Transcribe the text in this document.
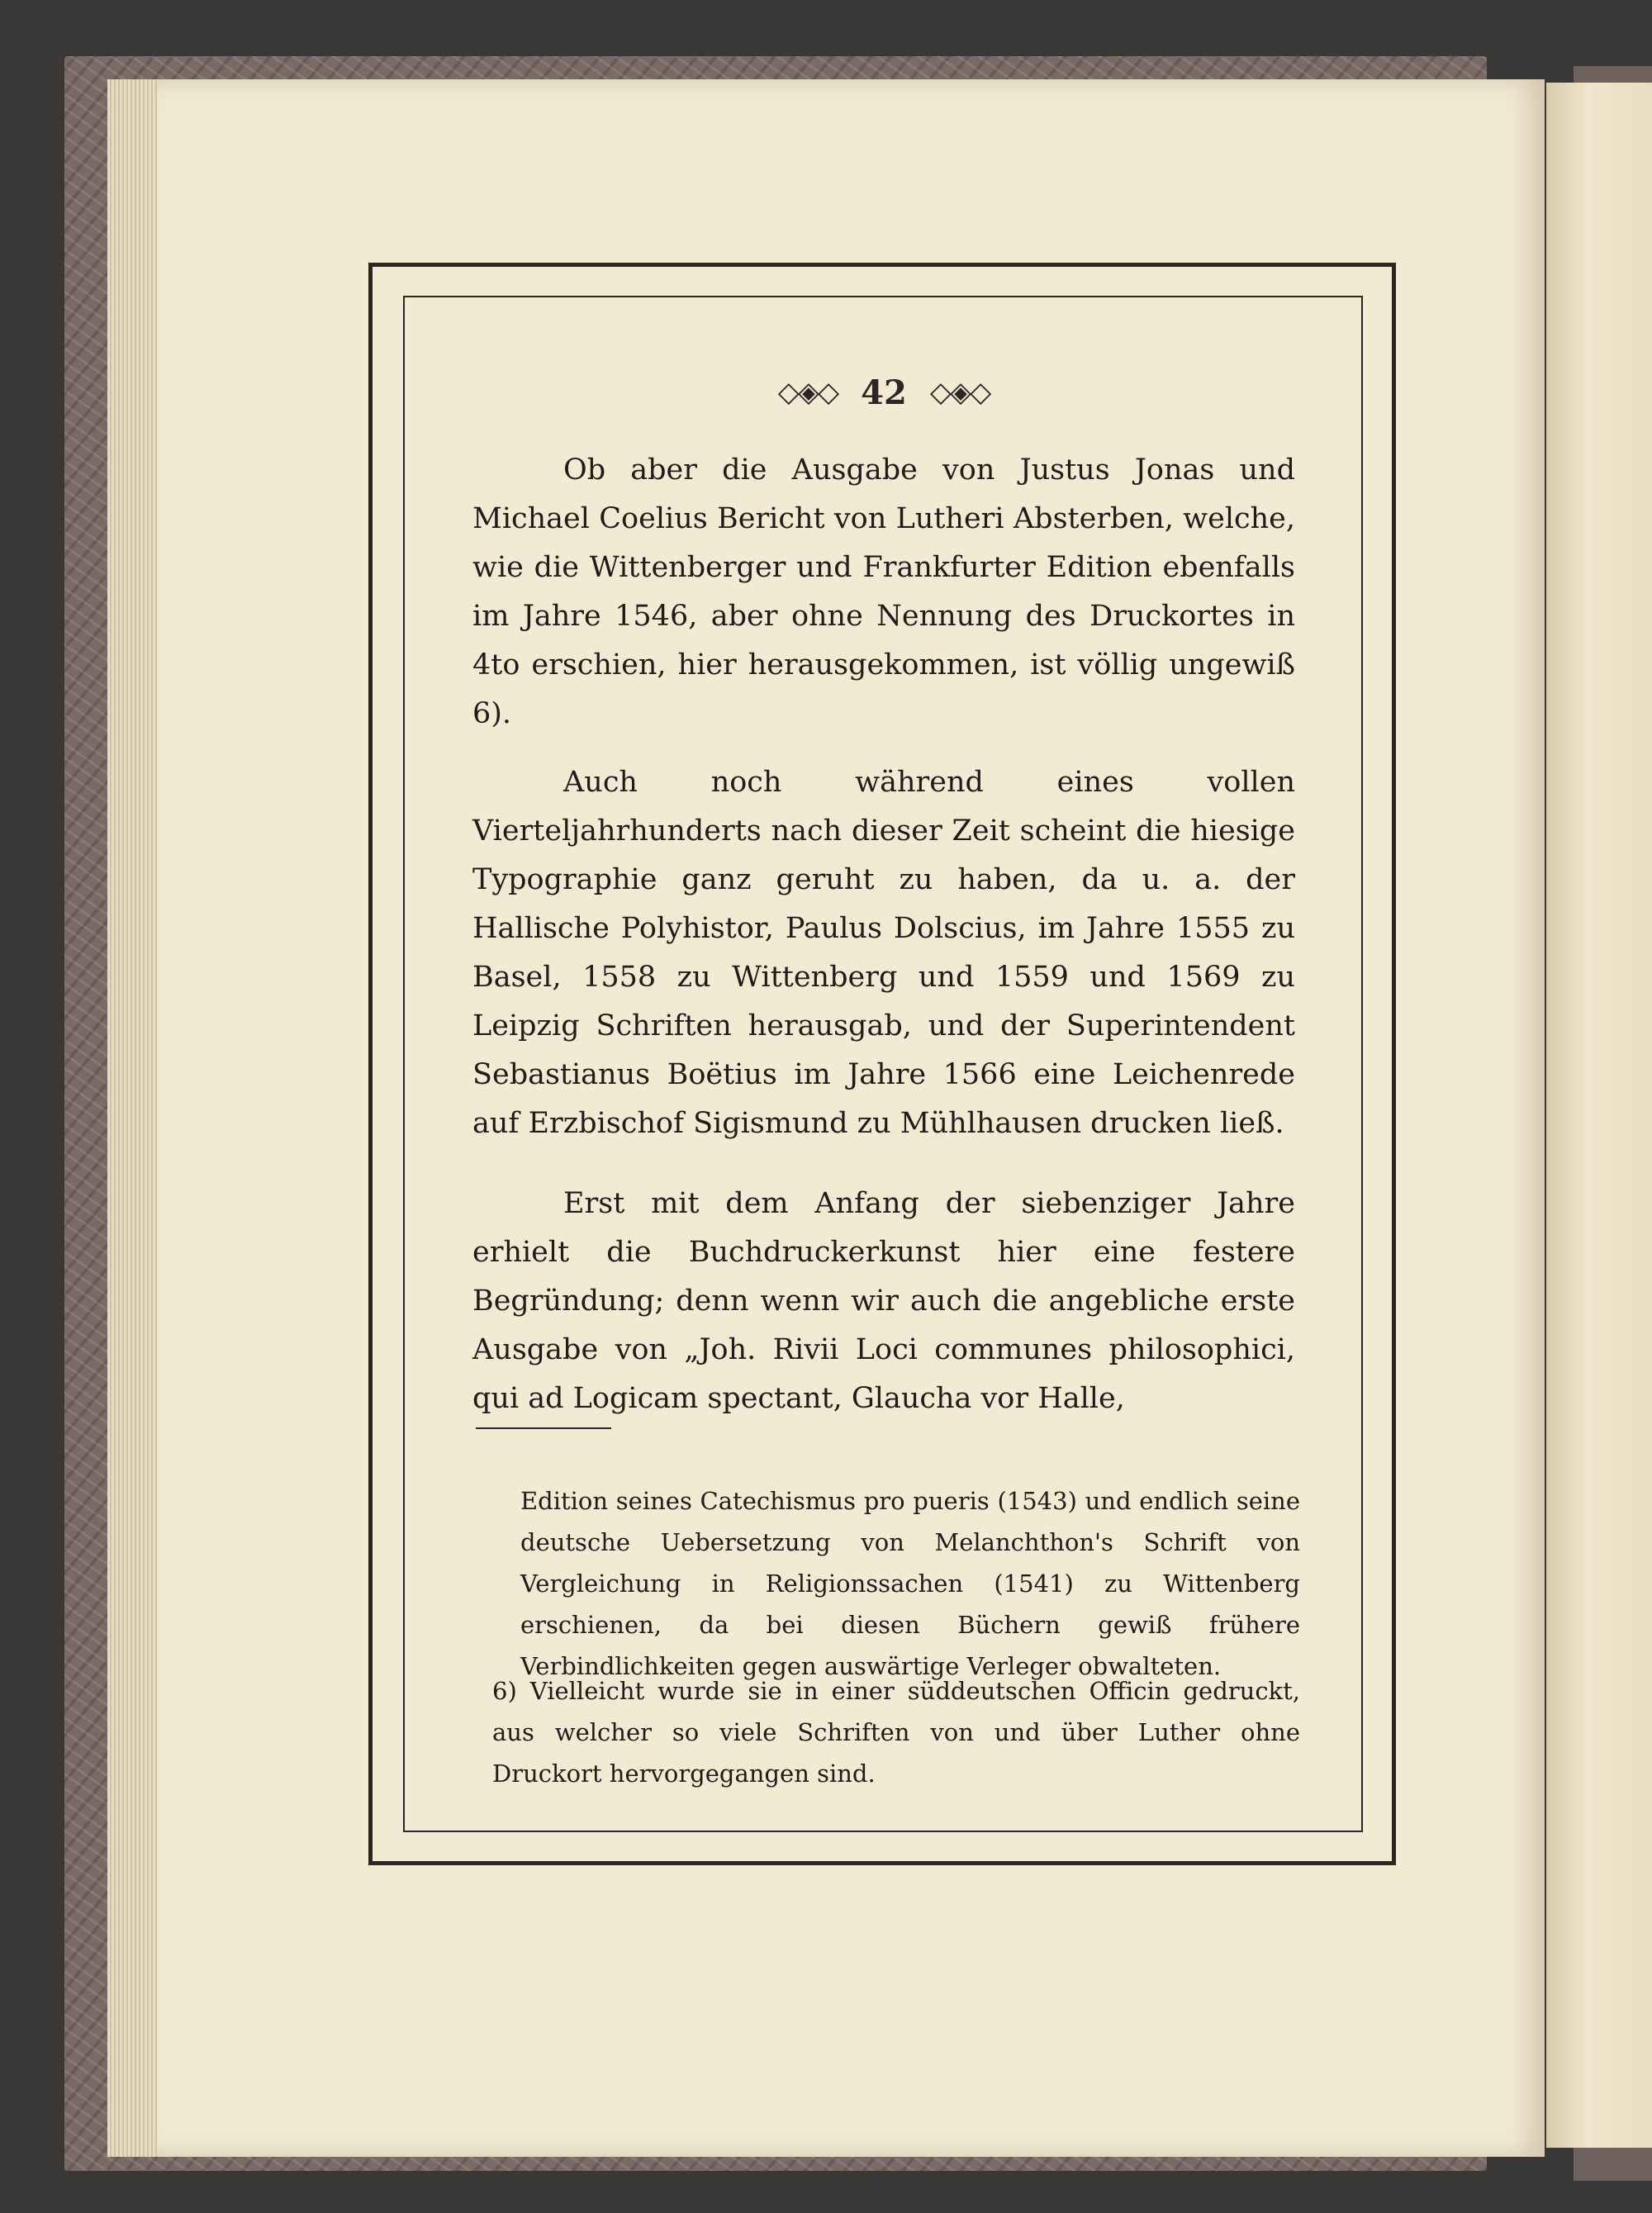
◇◈◇ 42 ◇◈◇

Ob aber die Ausgabe von Justus Jonas und Michael Coelius Bericht von Lutheri Absterben, welche, wie die Wittenberger und Frankfurter Edition ebenfalls im Jahre 1546, aber ohne Nennung des Druckortes in 4to erschien, hier herausgekommen, ist völlig ungewiß 6).

Auch noch während eines vollen Vierteljahrhunderts nach dieser Zeit scheint die hiesige Typographie ganz geruht zu haben, da u. a. der Hallische Polyhistor, Paulus Dolscius, im Jahre 1555 zu Basel, 1558 zu Wittenberg und 1559 und 1569 zu Leipzig Schriften herausgab, und der Superintendent Sebastianus Boëtius im Jahre 1566 eine Leichenrede auf Erzbischof Sigismund zu Mühlhausen drucken ließ.

Erst mit dem Anfang der siebenziger Jahre erhielt die Buchdruckerkunst hier eine festere Begründung; denn wenn wir auch die angebliche erste Ausgabe von „Joh. Rivii Loci communes philosophici, qui ad Logicam spectant, Glaucha vor Halle,

Edition seines Catechismus pro pueris (1543) und endlich seine deutsche Uebersetzung von Melanchthon's Schrift von Vergleichung in Religionssachen (1541) zu Wittenberg erschienen, da bei diesen Büchern gewiß frühere Verbindlichkeiten gegen auswärtige Verleger obwalteten.

6) Vielleicht wurde sie in einer süddeutschen Officin gedruckt, aus welcher so viele Schriften von und über Luther ohne Druckort hervorgegangen sind.
